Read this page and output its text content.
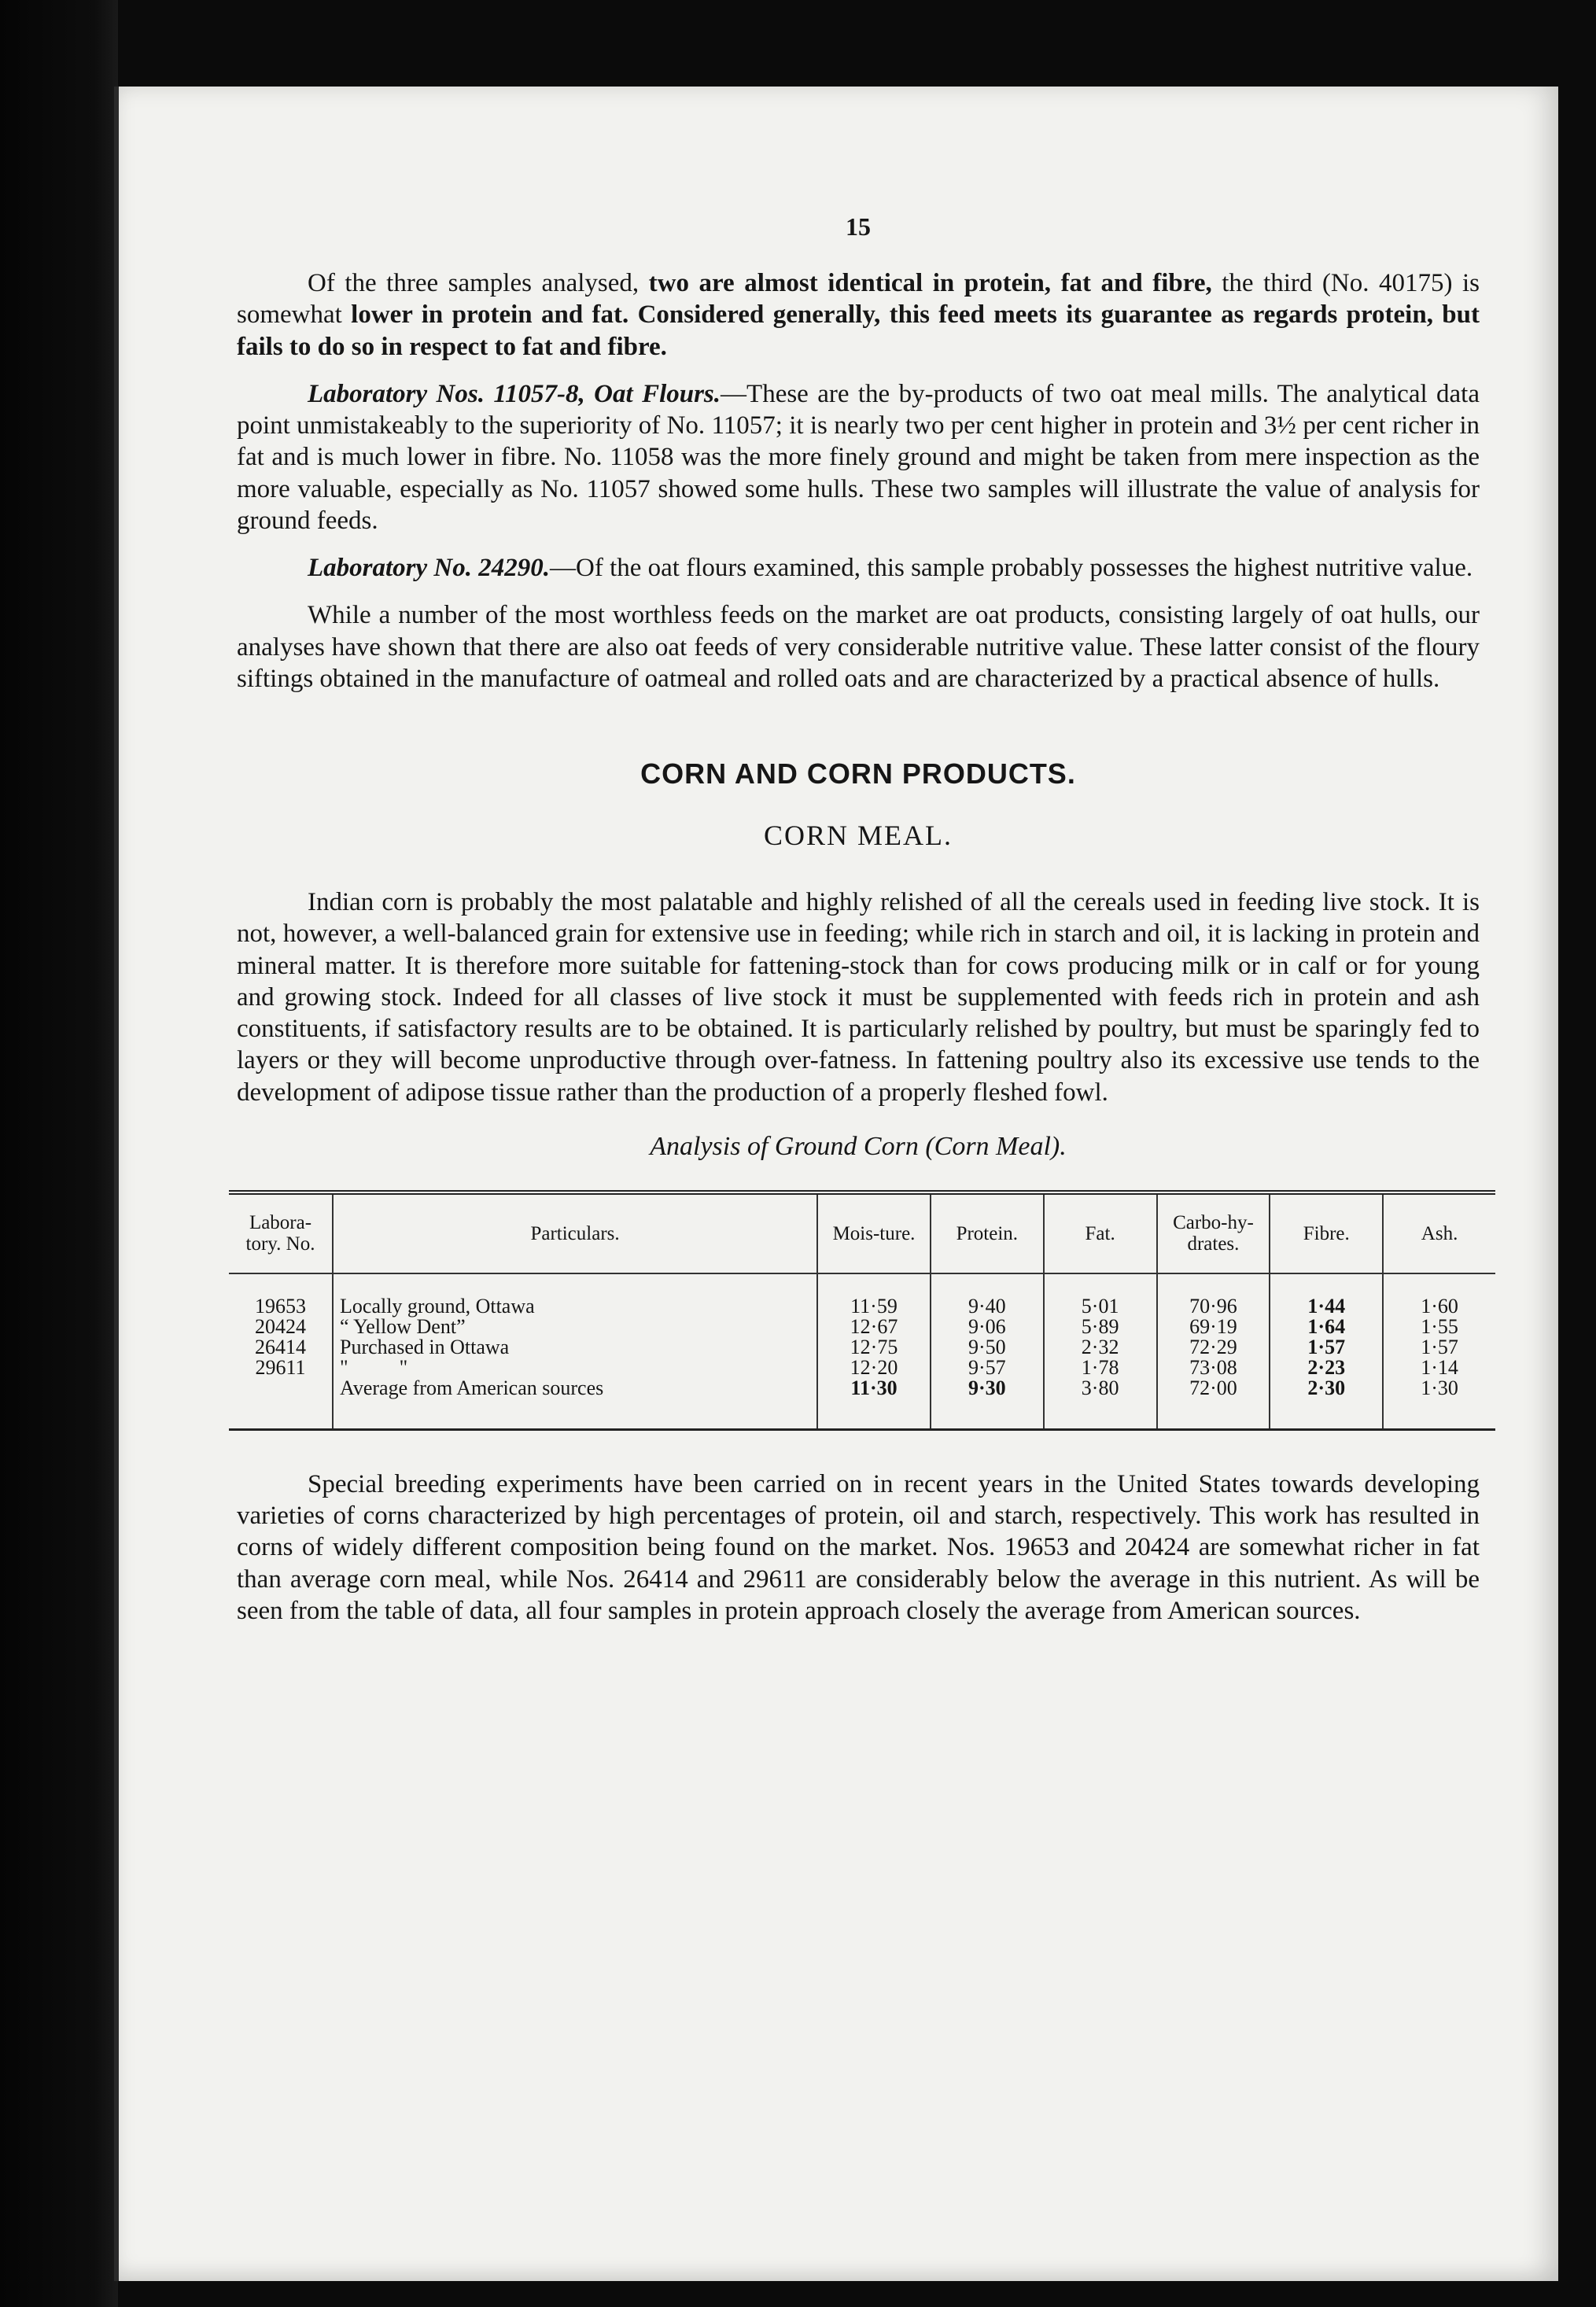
15

Of the three samples analysed, two are almost identical in protein, fat and fibre, the third (No. 40175) is somewhat lower in protein and fat. Considered generally, this feed meets its guarantee as regards protein, but fails to do so in respect to fat and fibre.

Laboratory Nos. 11057-8, Oat Flours.—These are the by-products of two oat meal mills. The analytical data point unmistakeably to the superiority of No. 11057; it is nearly two per cent higher in protein and 3½ per cent richer in fat and is much lower in fibre. No. 11058 was the more finely ground and might be taken from mere inspection as the more valuable, especially as No. 11057 showed some hulls. These two samples will illustrate the value of analysis for ground feeds.

Laboratory No. 24290.—Of the oat flours examined, this sample probably possesses the highest nutritive value.

While a number of the most worthless feeds on the market are oat products, consisting largely of oat hulls, our analyses have shown that there are also oat feeds of very considerable nutritive value. These latter consist of the floury siftings obtained in the manufacture of oatmeal and rolled oats and are characterized by a practical absence of hulls.

CORN AND CORN PRODUCTS.
CORN MEAL.

Indian corn is probably the most palatable and highly relished of all the cereals used in feeding live stock. It is not, however, a well-balanced grain for extensive use in feeding; while rich in starch and oil, it is lacking in protein and mineral matter. It is therefore more suitable for fattening-stock than for cows producing milk or in calf or for young and growing stock. Indeed for all classes of live stock it must be supplemented with feeds rich in protein and ash constituents, if satisfactory results are to be obtained. It is particularly relished by poultry, but must be sparingly fed to layers or they will become unproductive through over-fatness. In fattening poultry also its excessive use tends to the development of adipose tissue rather than the production of a properly fleshed fowl.

Analysis of Ground Corn (Corn Meal).
Labora-tory. No.	Particulars.	Mois-ture.	Protein.	Fat.	Carbo-hy-drates.	Fibre.	Ash.
19653	Locally ground, Ottawa	11·59	9·40	5·01	70·96	1·44	1·60
20424	“ Yellow Dent”	12·67	9·06	5·89	69·19	1·64	1·55
26414	Purchased in Ottawa	12·75	9·50	2·32	72·29	1·57	1·57
29611	"          "	12·20	9·57	1·78	73·08	2·23	1·14
	Average from American sources	11·30	9·30	3·80	72·00	2·30	1·30

Special breeding experiments have been carried on in recent years in the United States towards developing varieties of corns characterized by high percentages of protein, oil and starch, respectively. This work has resulted in corns of widely different composition being found on the market. Nos. 19653 and 20424 are somewhat richer in fat than average corn meal, while Nos. 26414 and 29611 are considerably below the average in this nutrient. As will be seen from the table of data, all four samples in protein approach closely the average from American sources.
